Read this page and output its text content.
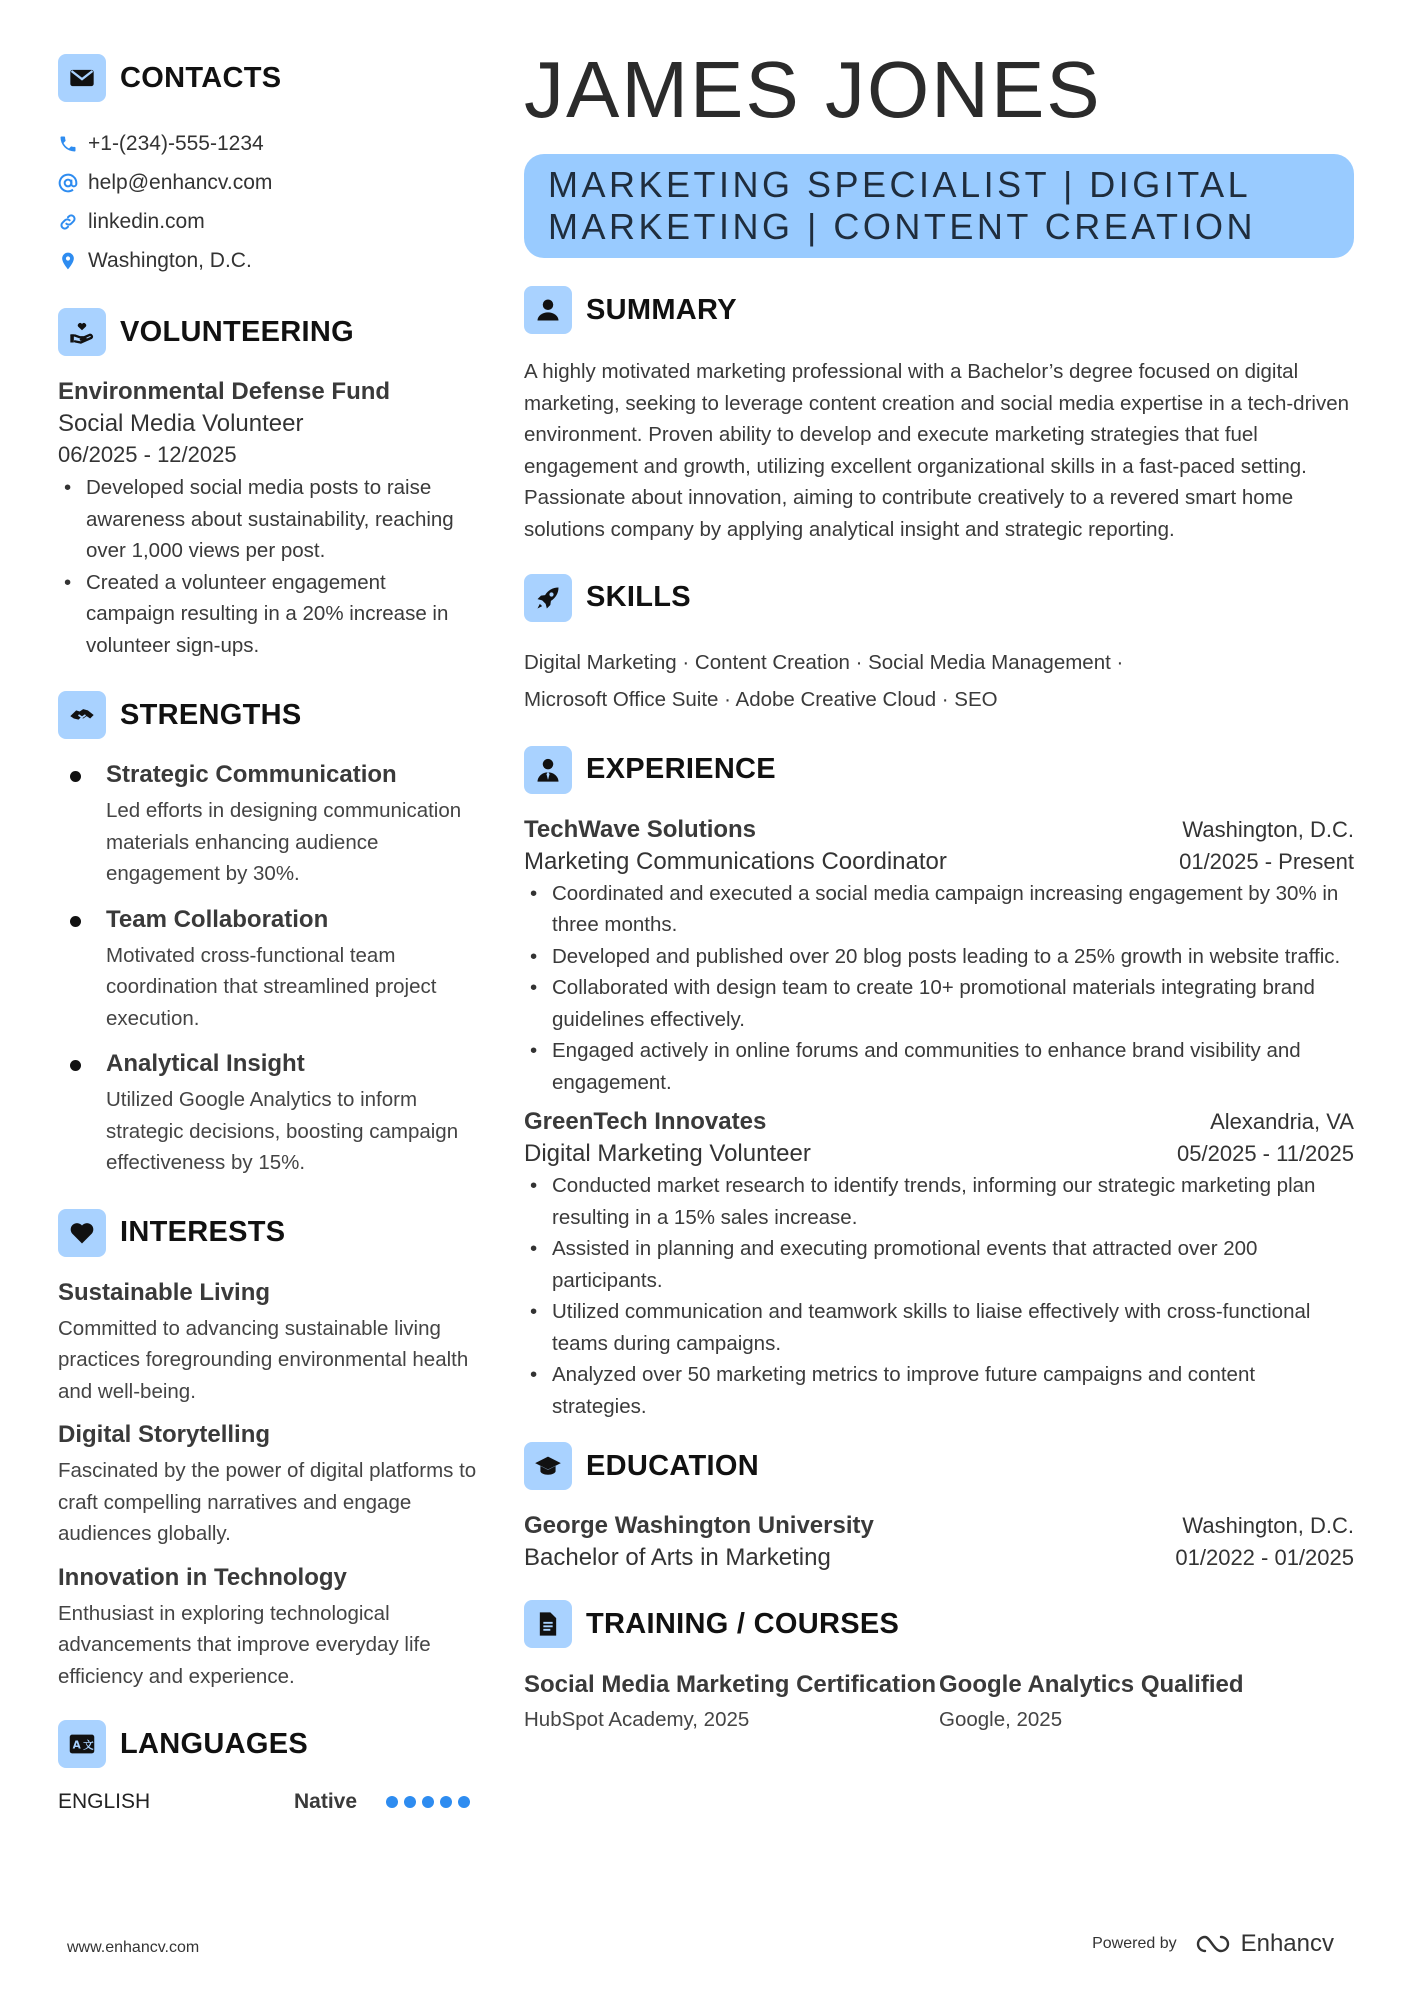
CONTACTS
+1-(234)-555-1234
help@enhancv.com
linkedin.com
Washington, D.C.
VOLUNTEERING
Environmental Defense Fund
Social Media Volunteer
06/2025 - 12/2025
• Developed social media posts to raise awareness about sustainability, reaching over 1,000 views per post.
• Created a volunteer engagement campaign resulting in a 20% increase in volunteer sign-ups.
STRENGTHS
Strategic Communication
Led efforts in designing communication materials enhancing audience engagement by 30%.
Team Collaboration
Motivated cross-functional team coordination that streamlined project execution.
Analytical Insight
Utilized Google Analytics to inform strategic decisions, boosting campaign effectiveness by 15%.
INTERESTS
Sustainable Living
Committed to advancing sustainable living practices foregrounding environmental health and well-being.
Digital Storytelling
Fascinated by the power of digital platforms to craft compelling narratives and engage audiences globally.
Innovation in Technology
Enthusiast in exploring technological advancements that improve everyday life efficiency and experience.
A 文 LANGUAGES
ENGLISH	Native
JAMES JONES
MARKETING SPECIALIST | DIGITAL MARKETING | CONTENT CREATION
SUMMARY

A highly motivated marketing professional with a Bachelor’s degree focused on digital marketing, seeking to leverage content creation and social media expertise in a tech-driven environment. Proven ability to develop and execute marketing strategies that fuel engagement and growth, utilizing excellent organizational skills in a fast-paced setting. Passionate about innovation, aiming to contribute creatively to a revered smart home solutions company by applying analytical insight and strategic reporting.

SKILLS
Digital Marketing · Content Creation · Social Media Management ·
Microsoft Office Suite · Adobe Creative Cloud · SEO
EXPERIENCE
TechWave Solutions	Washington, D.C.
Marketing Communications Coordinator	01/2025 - Present
• Coordinated and executed a social media campaign increasing engagement by 30% in three months.
• Developed and published over 20 blog posts leading to a 25% growth in website traffic.
• Collaborated with design team to create 10+ promotional materials integrating brand guidelines effectively.
• Engaged actively in online forums and communities to enhance brand visibility and engagement.
GreenTech Innovates	Alexandria, VA
Digital Marketing Volunteer	05/2025 - 11/2025
• Conducted market research to identify trends, informing our strategic marketing plan resulting in a 15% sales increase.
• Assisted in planning and executing promotional events that attracted over 200 participants.
• Utilized communication and teamwork skills to liaise effectively with cross-functional teams during campaigns.
• Analyzed over 50 marketing metrics to improve future campaigns and content strategies.
EDUCATION
George Washington University	Washington, D.C.
Bachelor of Arts in Marketing	01/2022 - 01/2025
TRAINING / COURSES
Social Media Marketing Certification
HubSpot Academy, 2025
Google Analytics Qualified
Google, 2025
www.enhancv.com	Powered by	Enhancv
